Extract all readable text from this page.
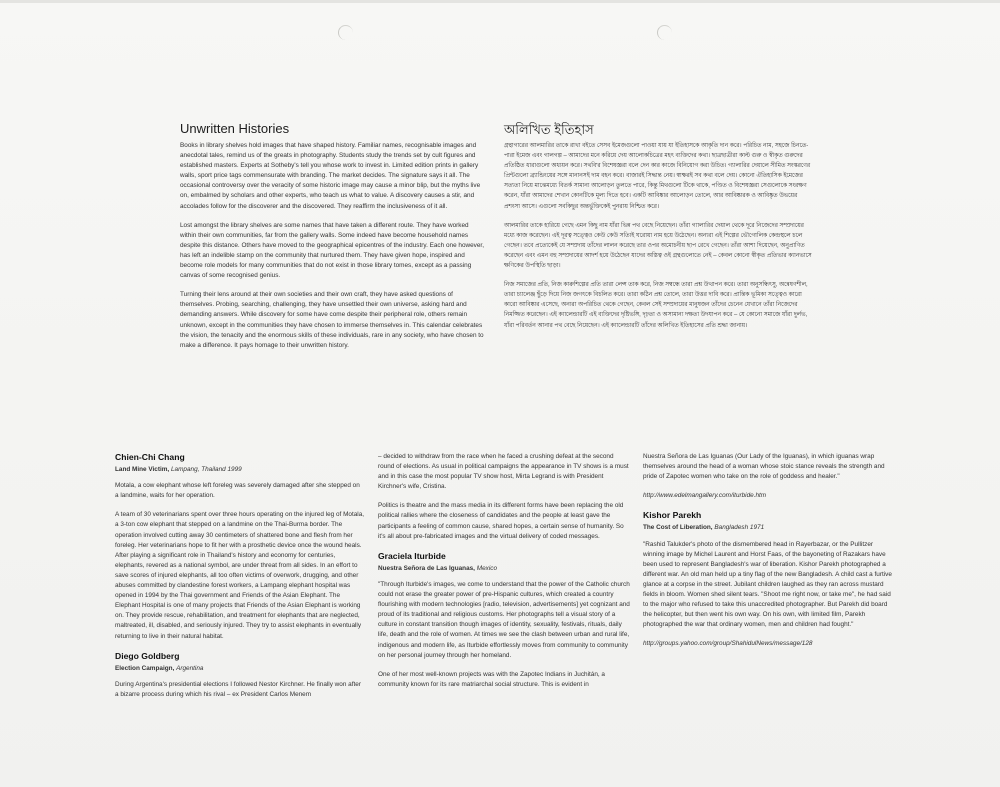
Unwritten Histories

Books in library shelves hold images that have shaped history. Familiar names, recognisable images and anecdotal tales, remind us of the greats in photography. Students study the trends set by cult figures and established masters. Experts at Sotheby's tell you whose work to invest in. Limited edition prints in gallery walls, sport price tags commensurate with branding. The market decides. The signature says it all. The occasional controversy over the veracity of some historic image may cause a minor blip, but the myths live on, embalmed by scholars and other experts, who teach us what to value. A discovery causes a stir, and accolades follow for the discoverer and the discovered. They reaffirm the inclusiveness of it all.

Lost amongst the library shelves are some names that have taken a different route. They have worked within their own communities, far from the gallery walls. Some indeed have become household names despite this distance. Others have moved to the geographical epicentres of the industry. Each one however, has left an indelible stamp on the community that nurtured them. They have given hope, inspired and become role models for many communities that do not exist in those library tomes, except as a passing canvas of some recognised genius.

Turning their lens around at their own societies and their own craft, they have asked questions of themselves. Probing, searching, challenging, they have unsettled their own universe, asking hard and demanding answers. While discovery for some have come despite their peripheral role, others remain unknown, except in the communities they have chosen to immerse themselves in. This calendar celebrates the vision, the tenacity and the enormous skills of these individuals, rare in any society, who have chosen to make a difference. It pays homage to their unwritten history.

অলিখিত ইতিহাস

গ্রন্থাগারের আলমারির তাকে রাখা বইতে সেসব ইমেজগুলো পাওয়া যায় যা ইতিহাসকে আকৃতি দান করে। পরিচিত নাম, সহজে চিনতে-পারা ইমেজ এবং গালগল্প – আমাদের মনে করিয়ে দেয় আলোকচিত্রের মহৎ ব্যক্তিদের কথা। ছাত্রছাত্রীরা কাল্ট গুরু ও স্বীকৃত গুরুদের প্রতিষ্ঠিত ধারাগুলো অধ্যয়ন করে। সথবি'র বিশেষজ্ঞরা বলে দেন কার কাজে বিনিয়োগ করা উচিত। গ্যালারির দেয়ালে সীমিত সংস্করণের প্রিন্টগুলো ব্র্যান্ডিংয়ের সঙ্গে মানানসই দাম বহন করে। বাজারই সিদ্ধান্ত নেয়। স্বাক্ষরই সব কথা বলে দেয়। কোনো ঐতিহাসিক ইমেজের সত্যতা নিয়ে মাঝেমধ্যে বিতর্ক সামান্য আলোড়ন তুলতে পারে, কিন্তু মিথগুলো টিকে থাকে, পণ্ডিত ও বিশেষজ্ঞরা সেগুলোকে সংরক্ষণ করেন, যাঁরা আমাদের শেখান কোনটিকে মূল্য দিতে হবে। একটি আবিষ্কার আলোড়ন তোলে, আর আবিষ্কারক ও আবিষ্কৃত উভয়ের প্রশংসা আসে। এগুলো সবকিছুর অন্তর্ভুক্তিকেই পুনরায় নিশ্চিত করে।

আলমারির তাকে হারিয়ে গেছে এমন কিছু নাম যাঁরা ভিন্ন পথ বেছে নিয়েছেন। তাঁরা গ্যালারির দেয়াল থেকে দূরে নিজেদের সম্প্রদায়ের মধ্যে কাজ করেছেন। এই দূরত্ব সত্ত্বেও কেউ কেউ সত্যিই ঘরোয়া নাম হয়ে উঠেছেন। অন্যরা এই শিল্পের ভৌগোলিক কেন্দ্রস্থলে চলে গেছেন। তবে প্রত্যেকেই যে সম্প্রদায় তাঁদের লালন করেছে তার ওপর অমোচনীয় ছাপ রেখে গেছেন। তাঁরা আশা দিয়েছেন, অনুপ্রাণিত করেছেন এবং এমন বহু সম্প্রদায়ের আদর্শ হয়ে উঠেছেন যাদের অস্তিত্ব ওই গ্রন্থগুলোতে নেই – কেবল কোনো স্বীকৃত প্রতিভার ক্যানভাসে ক্ষণিকের উপস্থিতি ছাড়া।

নিজ সমাজের প্রতি, নিজ কারুশিল্পের প্রতি তারা লেন্স তাক করে, নিজ সম্বন্ধে তারা প্রশ্ন উত্থাপন করে। তারা অনুসন্ধিৎসু, অন্বেষণশীল, তারা চ্যালেঞ্জ ছুঁড়ে দিয়ে নিজ জগৎকে বিচলিত করে। তারা কঠিন প্রশ্ন তোলে, তারা উত্তর দাবি করে। প্রান্তিক ভূমিকা সত্ত্বেও কারো কারো আবিষ্কার এসেছে, অন্যরা অপরিচিত থেকে গেছেন, কেবল সেই সম্প্রদায়ের মানুষজন তাঁদের চেনেন যেখানে তাঁরা নিজেদের নিমজ্জিত করেছেন। এই ক্যালেন্ডারটি এই ব্যক্তিদের দৃষ্টিভঙ্গি, দৃঢ়তা ও অসামান্য দক্ষতা উদযাপন করে – যে কোনো সমাজে যাঁরা দুর্লভ, যাঁরা পরিবর্তন আনার পথ বেছে নিয়েছেন। এই ক্যালেন্ডারটি তাঁদের অলিখিত ইতিহাসের প্রতি শ্রদ্ধা জানায়।

Chien-Chi Chang
Land Mine Victim, Lampang, Thailand 1999

Motala, a cow elephant whose left foreleg was severely damaged after she stepped on a landmine, waits for her operation.

A team of 30 veterinarians spent over three hours operating on the injured leg of Motala, a 3-ton cow elephant that stepped on a landmine on the Thai-Burma border. The operation involved cutting away 30 centimeters of shattered bone and flesh from her foreleg. Her veterinarians hope to fit her with a prosthetic device once the wound heals. After playing a significant role in Thailand's history and economy for centuries, elephants, revered as a national symbol, are under threat from all sides. In an effort to save scores of injured elephants, all too often victims of overwork, drugging, and other abuses committed by clandestine forest workers, a Lampang elephant hospital was opened in 1994 by the Thai government and Friends of the Asian Elephant. The Elephant Hospital is one of many projects that Friends of the Asian Elephant is working on. They provide rescue, rehabilitation, and treatment for elephants that are neglected, maltreated, ill, disabled, and seriously injured. They try to assist elephants in eventually returning to live in their natural habitat.

Diego Goldberg
Election Campaign, Argentina

During Argentina's presidential elections I followed Nestor Kirchner. He finally won after a bizarre process during which his rival – ex President Carlos Menem

– decided to withdraw from the race when he faced a crushing defeat at the second round of elections. As usual in political campaigns the appearance in TV shows is a must and in this case the most popular TV show host, Mirta Legrand is with President Kirchner's wife, Cristina.

Politics is theatre and the mass media in its different forms have been replacing the old political rallies where the closeness of candidates and the people at least gave the participants a feeling of common cause, shared hopes, a certain sense of humanity. So it's all about pre-fabricated images and the virtual delivery of coded messages.

Graciela Iturbide
Nuestra Señora de Las Iguanas, Mexico

"Through Iturbide's images, we come to understand that the power of the Catholic church could not erase the greater power of pre-Hispanic cultures, which created a country flourishing with modern technologies [radio, television, advertisements] yet cognizant and proud of its traditional and religious customs. Her photographs tell a visual story of a culture in constant transition though images of identity, sexuality, festivals, rituals, daily life, death and the role of women. At times we see the clash between urban and rural life, indigenous and modern life, as Iturbide effortlessly moves from community to community on her personal journey through her homeland.

One of her most well-known projects was with the Zapotec Indians in Juchitán, a community known for its rare matriarchal social structure. This is evident in

Nuestra Señora de Las Iguanas (Our Lady of the Iguanas), in which iguanas wrap themselves around the head of a woman whose stoic stance reveals the strength and pride of Zapotec women who take on the role of goddess and healer."

http://www.edelmangallery.com/iturbide.htm

Kishor Parekh
The Cost of Liberation, Bangladesh 1971

"Rashid Talukder's photo of the dismembered head in Rayerbazar, or the Pullitzer winning image by Michel Laurent and Horst Faas, of the bayoneting of Razakars have been used to represent Bangladesh's war of liberation. Kishor Parekh photographed a different war. An old man held up a tiny flag of the new Bangladesh. A child cast a furtive glance at a corpse in the street. Jubilant children laughed as they ran across mustard fields in bloom. Women shed silent tears. "Shoot me right now, or take me", he had said to the major who refused to take this unaccredited photographer. But Parekh did board the helicopter, but then went his own way. On his own, with limited film, Parekh photographed the war that ordinary women, men and children had fought."

http://groups.yahoo.com/group/ShahidulNews/message/128
